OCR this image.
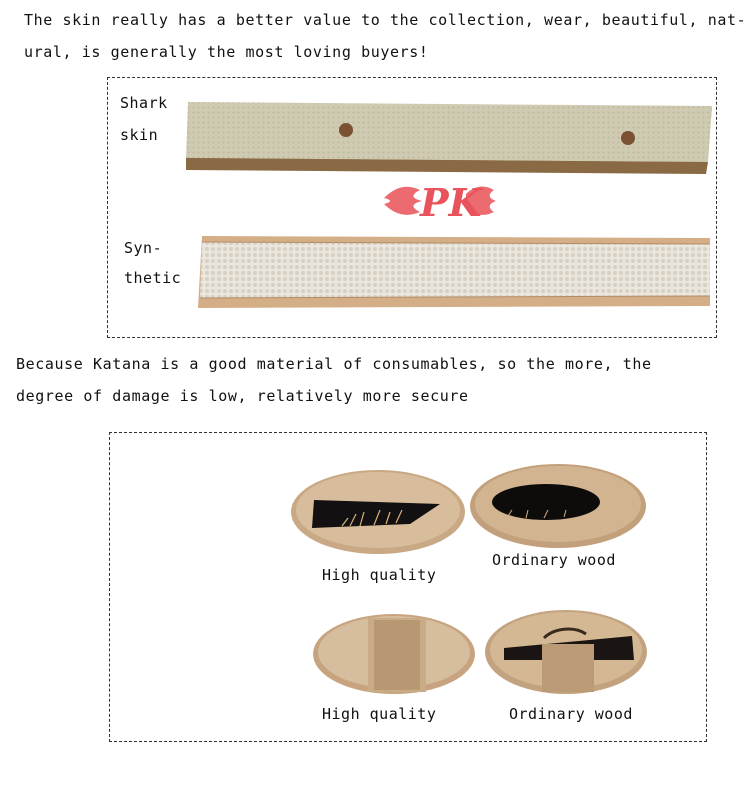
The skin really has a better value to the collection, wear, beautiful, nat-
ural, is generally the most loving buyers!
Shark
skin
Syn-
thetic
PK
Because Katana is a good material of consumables, so the more, the
degree of damage is low, relatively more secure
High quality
Ordinary wood
High quality	Ordinary wood
